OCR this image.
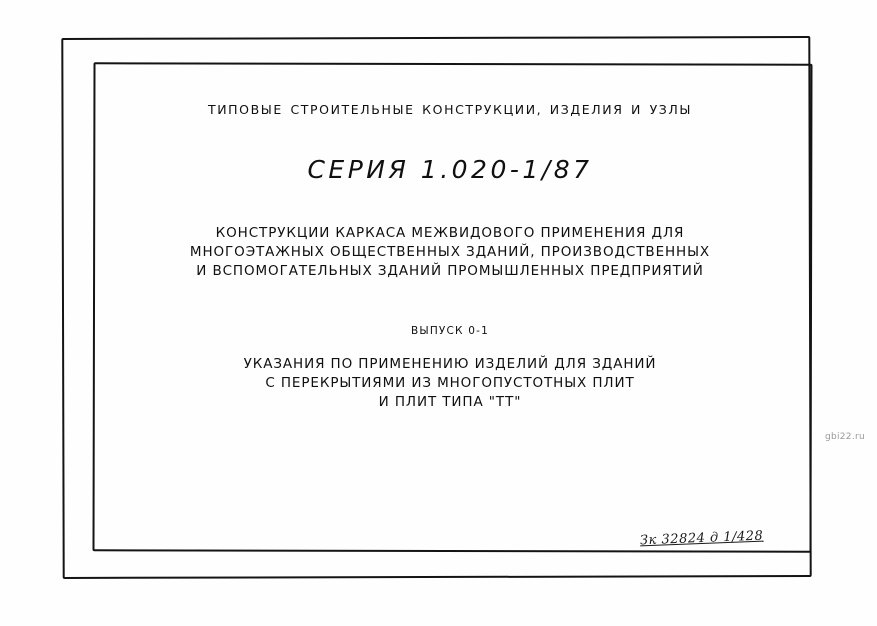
ТИПОВЫЕ СТРОИТЕЛЬНЫЕ КОНСТРУКЦИИ, ИЗДЕЛИЯ И УЗЛЫ
СЕРИЯ 1.020-1/87
КОНСТРУКЦИИ КАРКАСА МЕЖВИДОВОГО ПРИМЕНЕНИЯ ДЛЯ
МНОГОЭТАЖНЫХ ОБЩЕСТВЕННЫХ ЗДАНИЙ, ПРОИЗВОДСТВЕННЫХ
И ВСПОМОГАТЕЛЬНЫХ ЗДАНИЙ ПРОМЫШЛЕННЫХ ПРЕДПРИЯТИЙ
ВЫПУСК 0-1
УКАЗАНИЯ ПО ПРИМЕНЕНИЮ ИЗДЕЛИЙ ДЛЯ ЗДАНИЙ
С ПЕРЕКРЫТИЯМИ ИЗ МНОГОПУСТОТНЫХ ПЛИТ
И ПЛИТ ТИПА "ТТ"
Зк 32824 д 1/428
gbi22.ru
